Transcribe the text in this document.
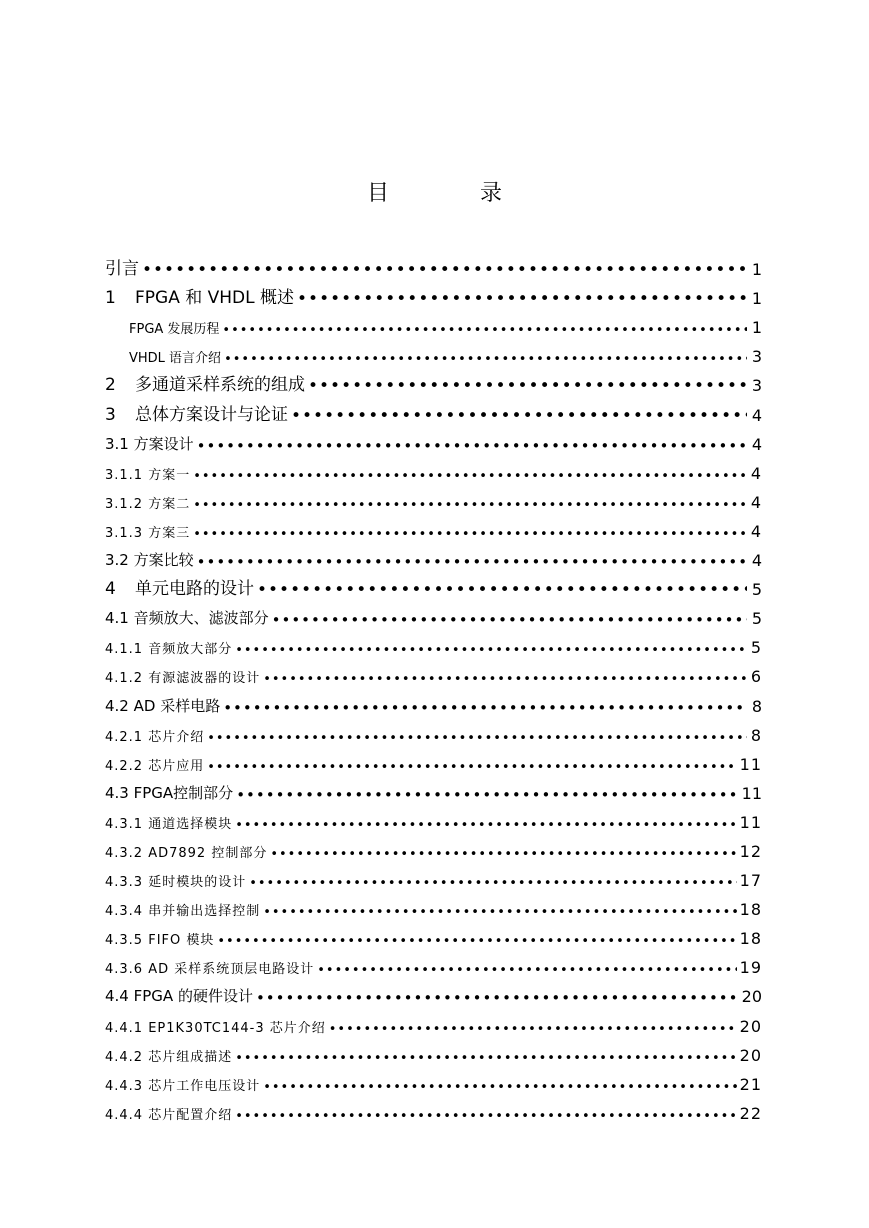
目 录
引言 •••••	1
1	FPGA 和 VHDL 概述 •••••	1
FPGA 发展历程 •••••	1
VHDL 语言介绍 •••••	3
2	多通道采样系统的组成 •••••	3
3	总体方案设计与论证 •••••	4
3.1 方案设计 •••••	4
3.1.1 方案一 •••••	4
3.1.2 方案二 •••••	4
3.1.3 方案三 •••••	4
3.2 方案比较 •••••	4
4	单元电路的设计 •••••	5
4.1 音频放大、滤波部分 •••••	5
4.1.1 音频放大部分 •••••	5
4.1.2 有源滤波器的设计 •••••	6
4.2 AD 采样电路 •••••	8
4.2.1 芯片介绍 •••••	8
4.2.2 芯片应用 •••••	11
4.3 FPGA控制部分 •••••	11
4.3.1 通道选择模块 •••••	11
4.3.2 AD7892 控制部分 •••••	12
4.3.3 延时模块的设计 •••••	17
4.3.4 串并输出选择控制 •••••	18
4.3.5 FIFO 模块 •••••	18
4.3.6 AD 采样系统顶层电路设计 •••••	19
4.4 FPGA 的硬件设计 •••••	20
4.4.1 EP1K30TC144-3 芯片介绍 •••••	20
4.4.2 芯片组成描述 •••••	20
4.4.3 芯片工作电压设计 •••••	21
4.4.4 芯片配置介绍 •••••	22
